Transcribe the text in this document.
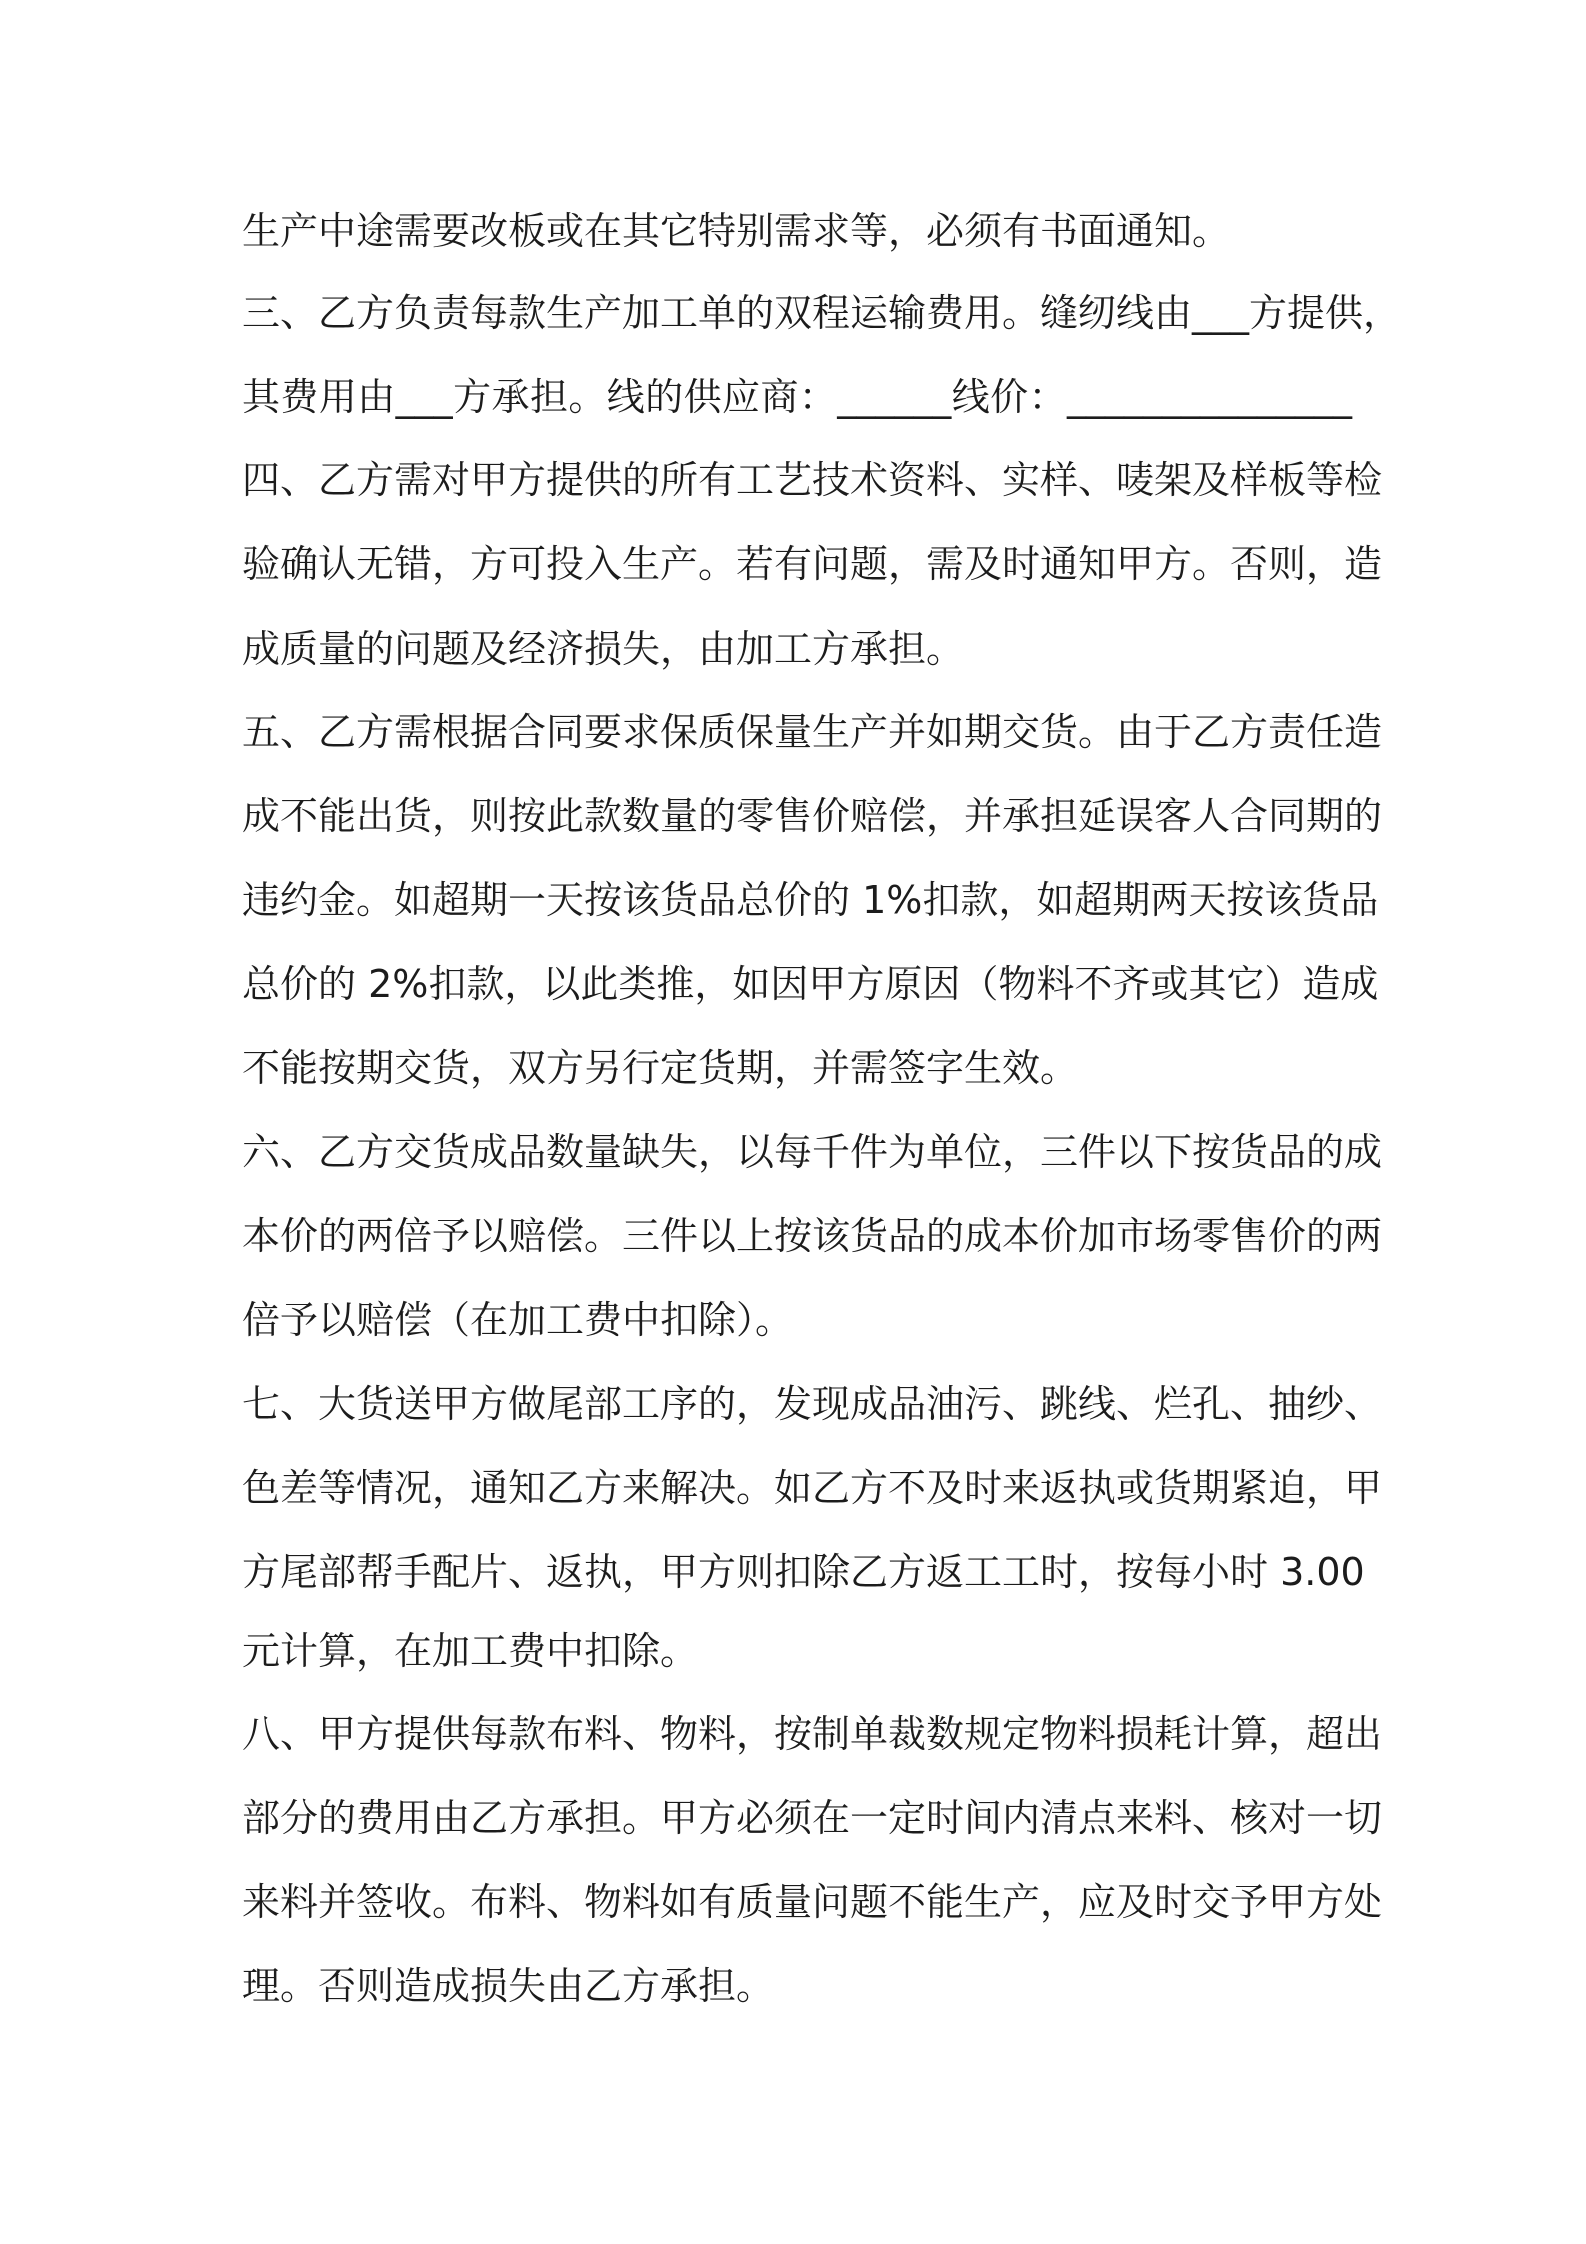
生产中途需要改板或在其它特别需求等，必须有书面通知。
三、乙方负责每款生产加工单的双程运输费用。缝纫线由___方提供，
其费用由___方承担。线的供应商：______线价：_______________
四、乙方需对甲方提供的所有工艺技术资料、实样、唛架及样板等检
验确认无错，方可投入生产。若有问题，需及时通知甲方。否则，造
成质量的问题及经济损失，由加工方承担。
五、乙方需根据合同要求保质保量生产并如期交货。由于乙方责任造
成不能出货，则按此款数量的零售价赔偿，并承担延误客人合同期的
违约金。如超期一天按该货品总价的 1%扣款，如超期两天按该货品
总价的 2%扣款，以此类推，如因甲方原因（物料不齐或其它）造成
不能按期交货，双方另行定货期，并需签字生效。
六、乙方交货成品数量缺失，以每千件为单位，三件以下按货品的成
本价的两倍予以赔偿。三件以上按该货品的成本价加市场零售价的两
倍予以赔偿（在加工费中扣除）。
七、大货送甲方做尾部工序的，发现成品油污、跳线、烂孔、抽纱、
色差等情况，通知乙方来解决。如乙方不及时来返执或货期紧迫，甲
方尾部帮手配片、返执，甲方则扣除乙方返工工时，按每小时 3.00
元计算，在加工费中扣除。
八、甲方提供每款布料、物料，按制单裁数规定物料损耗计算，超出
部分的费用由乙方承担。甲方必须在一定时间内清点来料、核对一切
来料并签收。布料、物料如有质量问题不能生产，应及时交予甲方处
理。否则造成损失由乙方承担。
